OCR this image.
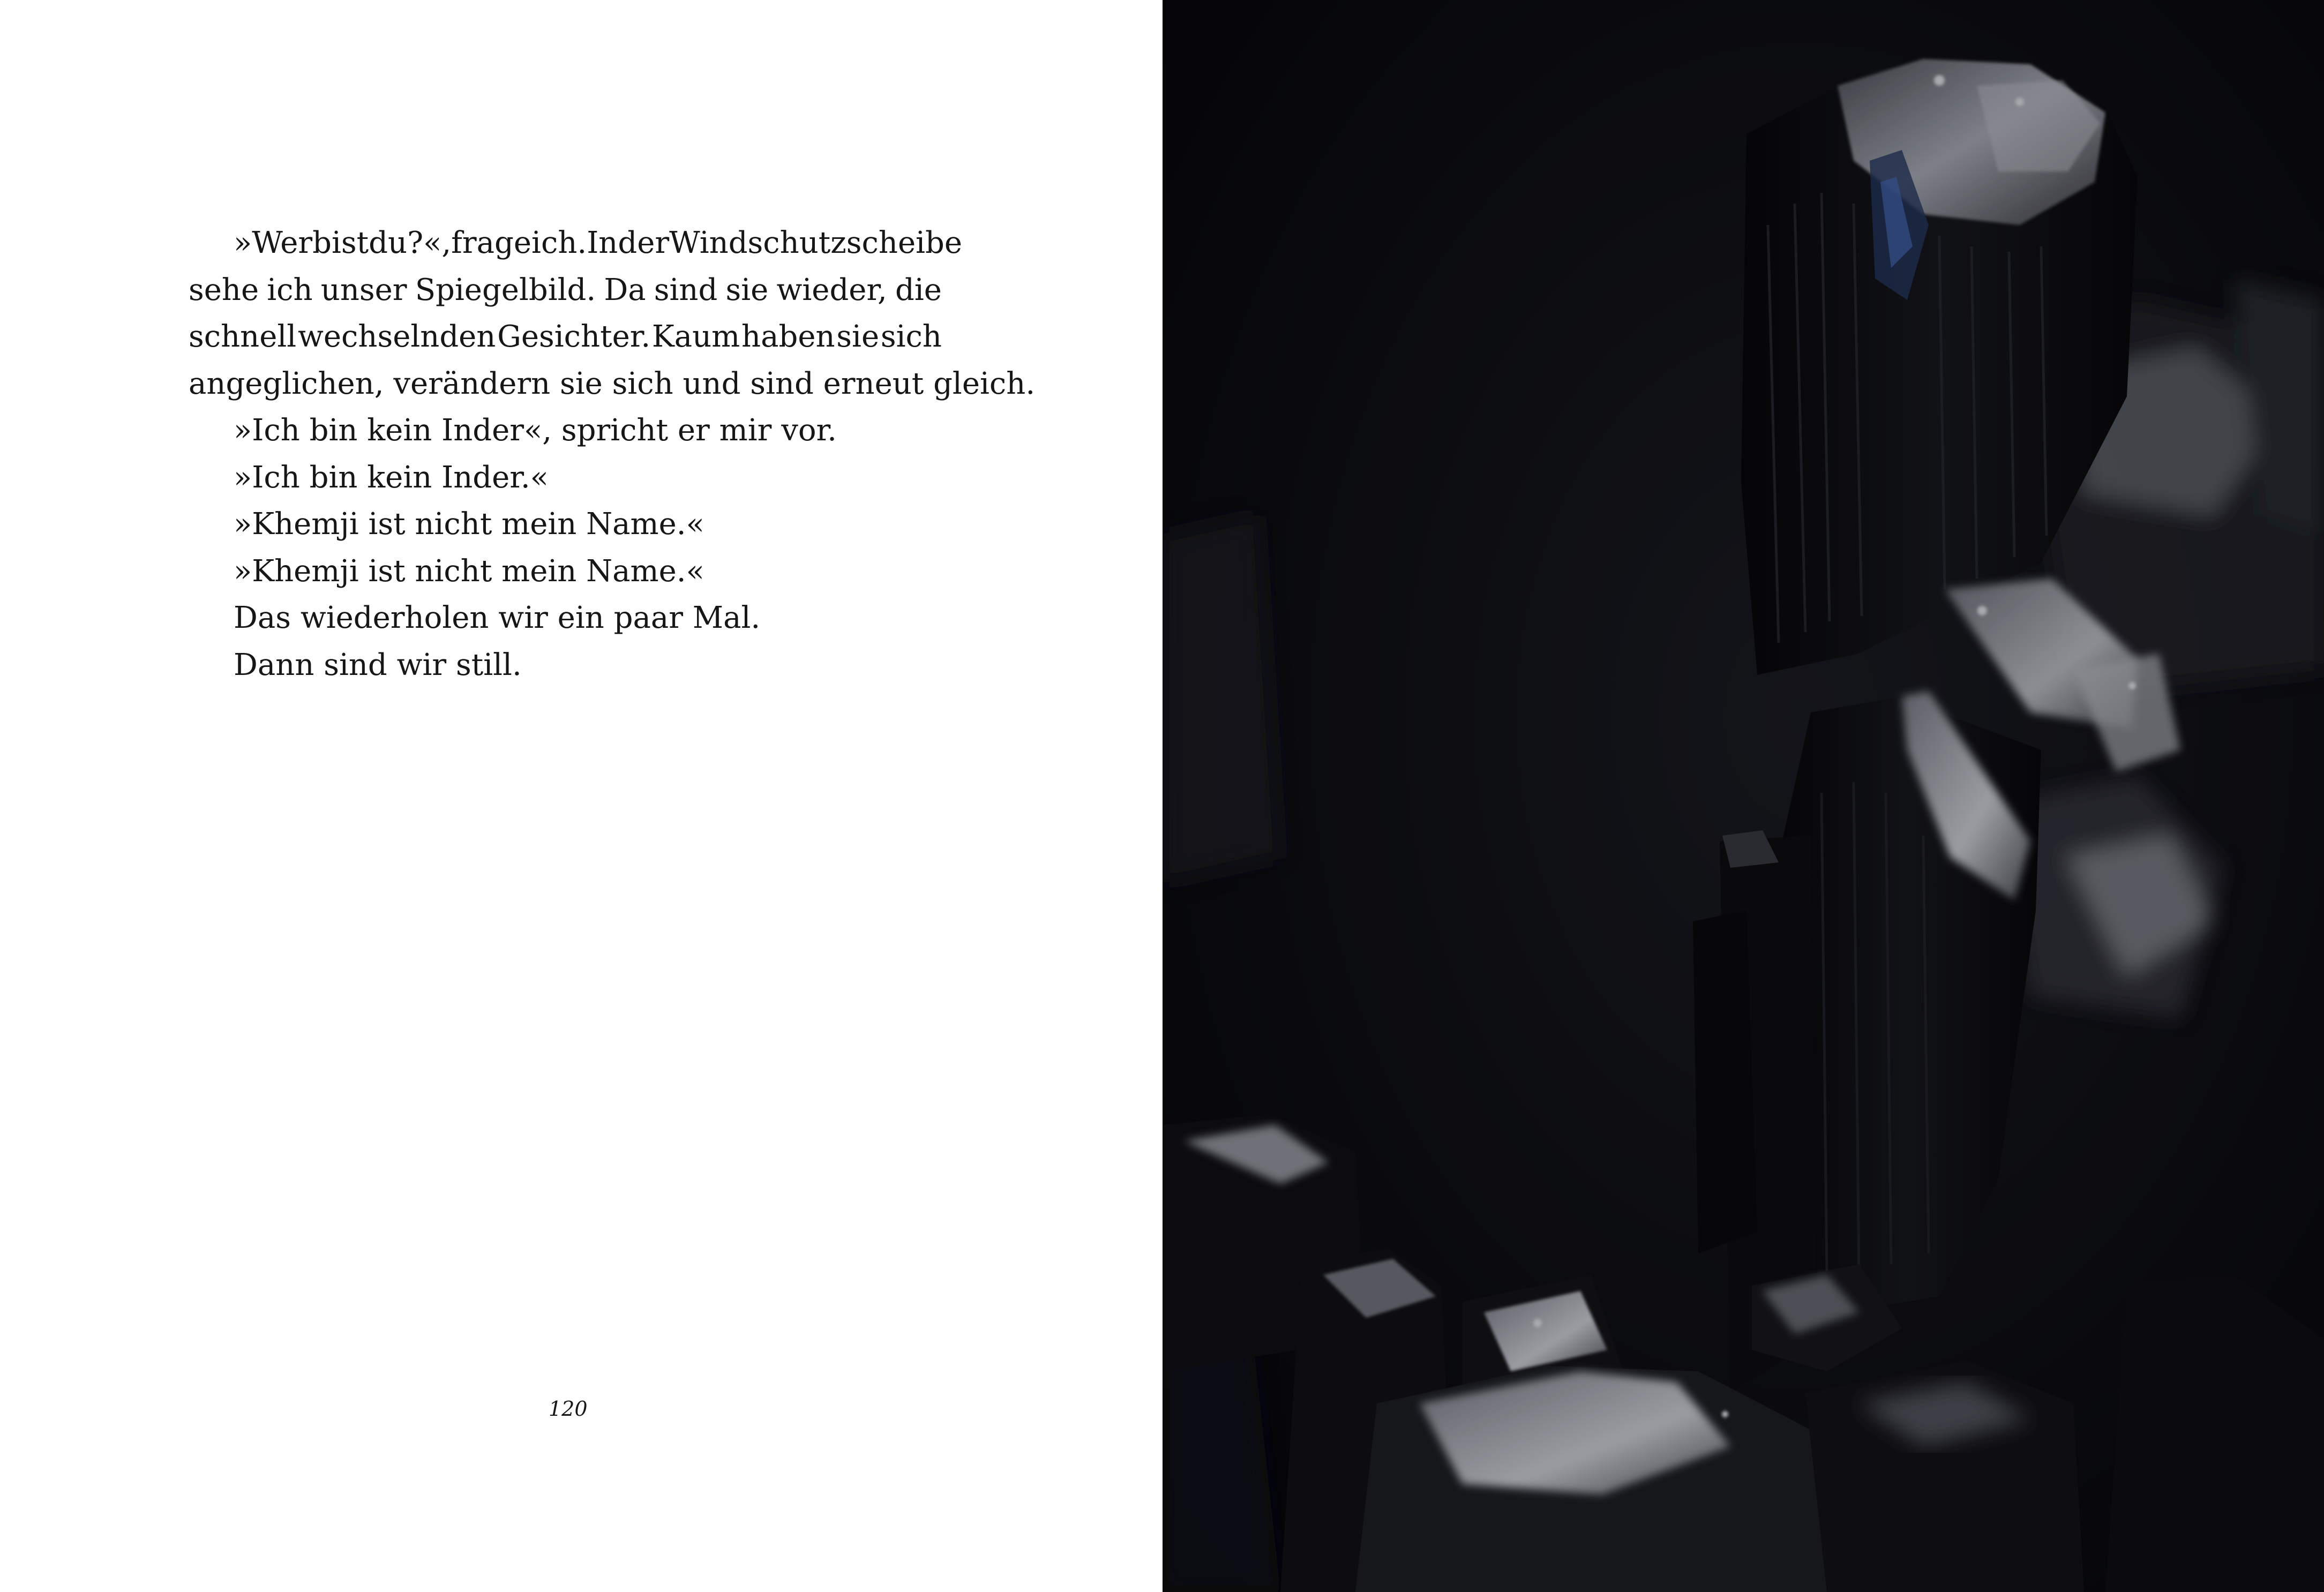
»Wer bist du?«, frage ich. In der Windschutzscheibe
sehe ich unser Spiegelbild. Da sind sie wieder, die
schnell wechselnden Gesichter. Kaum haben sie sich
angeglichen, verändern sie sich und sind erneut gleich.
»Ich bin kein Inder«, spricht er mir vor.
»Ich bin kein Inder.«
»Khemji ist nicht mein Name.«
»Khemji ist nicht mein Name.«
Das wiederholen wir ein paar Mal.
Dann sind wir still.
120
